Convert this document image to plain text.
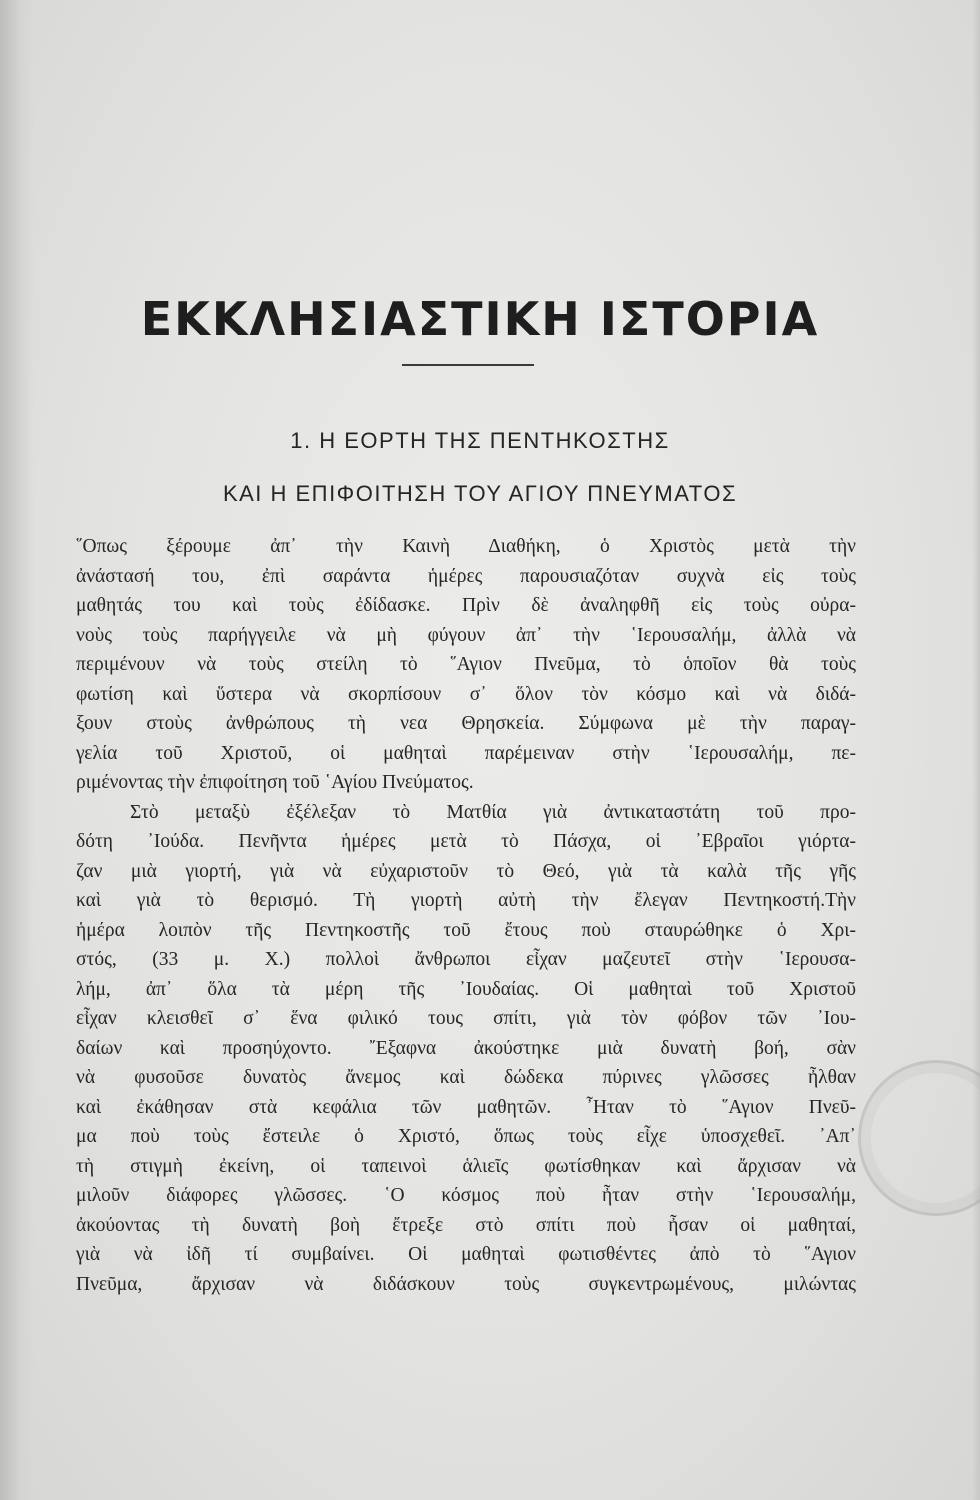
ΕΚΚΛΗΣΙΑΣΤΙΚΗ ΙΣΤΟΡΙΑ
1. Η ΕΟΡΤΗ ΤΗΣ ΠΕΝΤΗΚΟΣΤΗΣ
ΚΑΙ Η ΕΠΙΦΟΙΤΗΣΗ ΤΟΥ ΑΓΙΟΥ ΠΝΕΥΜΑΤΟΣ
῞Οπως ξέρουμε ἀπ᾽ τὴν Καινὴ Διαθήκη, ὁ Χριστὸς μετὰ τὴν
ἀνάστασή του, ἐπὶ σαράντα ἡμέρες παρουσιαζόταν συχνὰ εἰς τοὺς
μαθητάς του καὶ τοὺς ἐδίδασκε. Πρὶν δὲ ἀναληφθῆ εἰς τοὺς οὐρα-
νοὺς τοὺς παρήγγειλε νὰ μὴ φύγουν ἀπ᾽ τὴν ῾Ιερουσαλήμ, ἀλλὰ νὰ
περιμένουν νὰ τοὺς στείλη τὸ ῞Αγιον Πνεῦμα, τὸ ὁποῖον θὰ τοὺς
φωτίση καὶ ὕστερα νὰ σκορπίσουν σ᾽ ὅλον τὸν κόσμο καὶ νὰ διδά-
ξουν στοὺς ἀνθρώπους τὴ νεα Θρησκεία. Σύμφωνα μὲ τὴν παραγ-
γελία τοῦ Χριστοῦ, οἱ μαθηταὶ παρέμειναν στὴν ῾Ιερουσαλήμ, πε-
ριμένοντας τὴν ἐπιφοίτηση τοῦ ῾Αγίου Πνεύματος.
Στὸ μεταξὺ ἐξέλεξαν τὸ Ματθία γιὰ ἀντικαταστάτη τοῦ προ-
δότη ᾽Ιούδα. Πενῆντα ἡμέρες μετὰ τὸ Πάσχα, οἱ ᾽Εβραῖοι γιόρτα-
ζαν μιὰ γιορτή, γιὰ νὰ εὐχαριστοῦν τὸ Θεό, γιὰ τὰ καλὰ τῆς γῆς
καὶ γιὰ τὸ θερισμό. Τὴ γιορτὴ αὐτὴ τὴν ἔλεγαν Πεντηκοστή.Τὴν
ἡμέρα λοιπὸν τῆς Πεντηκοστῆς τοῦ ἔτους ποὺ σταυρώθηκε ὁ Χρι-
στός, (33 μ. Χ.) πολλοὶ ἄνθρωποι εἶχαν μαζευτεῖ στὴν ῾Ιερουσα-
λήμ, ἀπ᾽ ὅλα τὰ μέρη τῆς ᾽Ιουδαίας. Οἱ μαθηταὶ τοῦ Χριστοῦ
εἶχαν κλεισθεῖ σ᾽ ἕνα φιλικό τους σπίτι, γιὰ τὸν φόβον τῶν ᾽Ιου-
δαίων καὶ προσηύχοντο. ῎Εξαφνα ἀκούστηκε μιὰ δυνατὴ βοή, σὰν
νὰ φυσοῦσε δυνατὸς ἄνεμος καὶ δώδεκα πύρινες γλῶσσες ἦλθαν
καὶ ἐκάθησαν στὰ κεφάλια τῶν μαθητῶν. ῏Ηταν τὸ ῞Αγιον Πνεῦ-
μα ποὺ τοὺς ἔστειλε ὁ Χριστό, ὅπως τοὺς εἶχε ὑποσχεθεῖ. ᾽Απ᾽
τὴ στιγμὴ ἐκείνη, οἱ ταπεινοὶ ἁλιεῖς φωτίσθηκαν καὶ ἄρχισαν νὰ
μιλοῦν διάφορες γλῶσσες. ῾Ο κόσμος ποὺ ἦταν στὴν ῾Ιερουσαλήμ,
ἀκούοντας τὴ δυνατὴ βοὴ ἔτρεξε στὸ σπίτι ποὺ ἦσαν οἱ μαθηταί,
γιὰ νὰ ἰδῆ τί συμβαίνει. Οἱ μαθηταὶ φωτισθέντες ἀπὸ τὸ ῞Αγιον
Πνεῦμα, ἄρχισαν νὰ διδάσκουν τοὺς συγκεντρωμένους, μιλώντας
